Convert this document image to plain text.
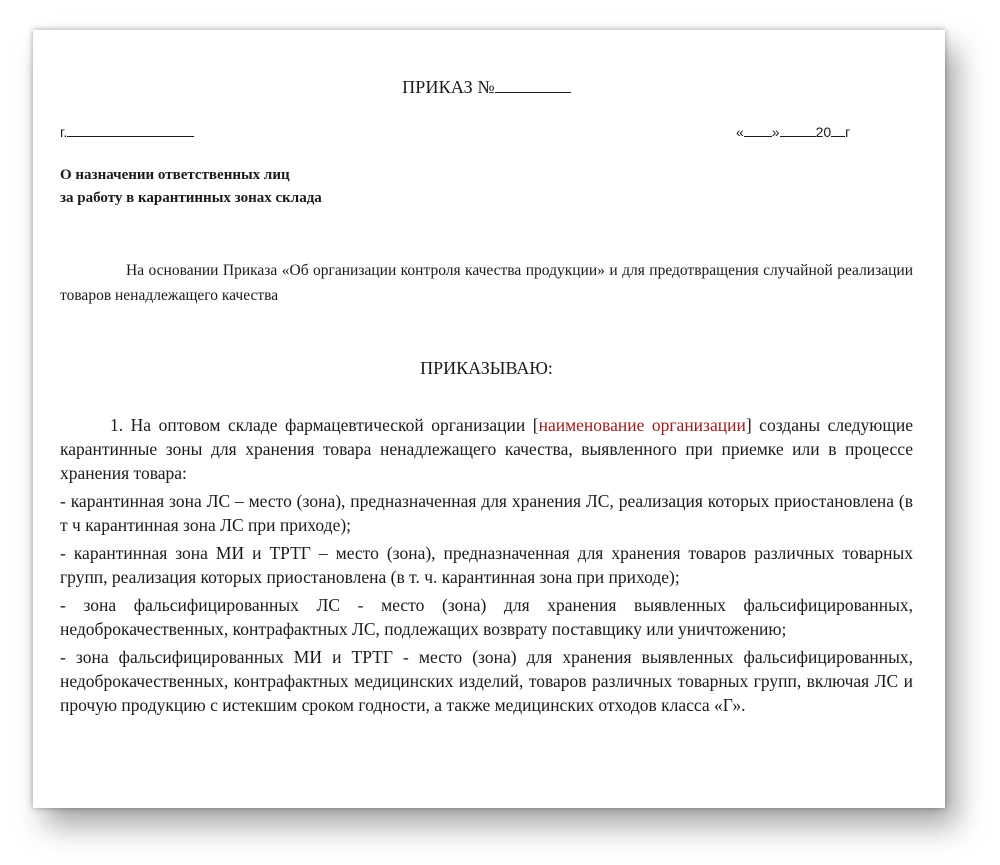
ПРИКАЗ №
г.	« »	20 г
О назначении ответственных лиц
за работу в карантинных зонах склада

На основании Приказа «Об организации контроля качества продукции» и для предотвращения случайной реализации товаров ненадлежащего качества

ПРИКАЗЫВАЮ:

1. На оптовом складе фармацевтической организации [наименование организации] созданы следующие карантинные зоны для хранения товара ненадлежащего качества, выявленного при приемке или в процессе хранения товара:

- карантинная зона ЛС – место (зона), предназначенная для хранения ЛС, реализация которых приостановлена (в т ч карантинная зона ЛС при приходе);

- карантинная зона МИ и ТРТГ – место (зона), предназначенная для хранения товаров различных товарных групп, реализация которых приостановлена (в т. ч. карантинная зона при приходе);

- зона фальсифицированных ЛС - место (зона) для хранения выявленных фальсифицированных, недоброкачественных, контрафактных ЛС, подлежащих возврату поставщику или уничтожению;

- зона фальсифицированных МИ и ТРТГ - место (зона) для хранения выявленных фальсифицированных, недоброкачественных, контрафактных медицинских изделий, товаров различных товарных групп, включая ЛС и прочую продукцию с истекшим сроком годности, а также медицинских отходов класса «Г».
